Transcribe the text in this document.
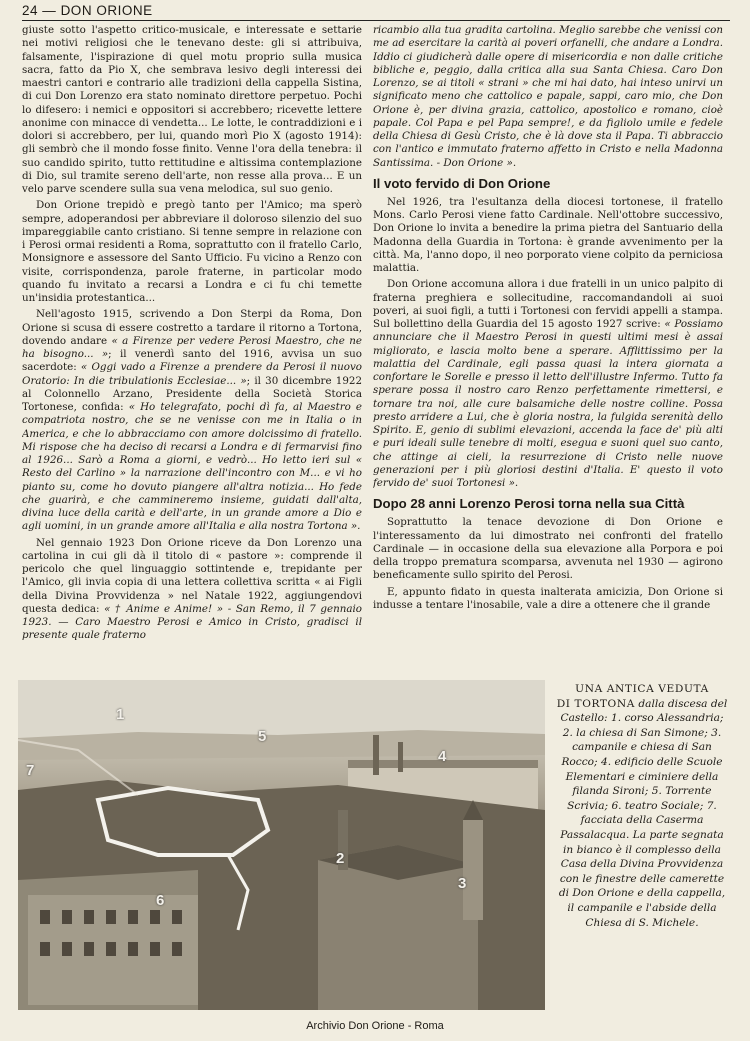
24 — DON ORIONE

giuste sotto l'aspetto critico-musicale, e interessate e settarie nei motivi religiosi che le tenevano deste: gli si attribuiva, falsamente, l'ispirazione di quel motu proprio sulla musica sacra, fatto da Pio X, che sembrava lesivo degli interessi dei maestri cantori e contrario alle tradizioni della cappella Sistina, di cui Don Lorenzo era stato nominato direttore perpetuo. Pochi lo difesero: i nemici e oppositori si accrebbero; ricevette lettere anonime con minacce di vendetta... Le lotte, le contraddizioni e i dolori si accrebbero, per lui, quando morì Pio X (agosto 1914): gli sembrò che il mondo fosse finito. Venne l'ora della tenebra: il suo candido spirito, tutto rettitudine e altissima contemplazione di Dio, sul tramite sereno dell'arte, non resse alla prova... E un velo parve scendere sulla sua vena melodica, sul suo genio.

Don Orione trepidò e pregò tanto per l'Amico; ma sperò sempre, adoperandosi per abbreviare il doloroso silenzio del suo impareggiabile canto cristiano. Si tenne sempre in relazione con i Perosi ormai residenti a Roma, soprattutto con il fratello Carlo, Monsignore e assessore del Santo Ufficio. Fu vicino a Renzo con visite, corrispondenza, parole fraterne, in particolar modo quando fu invitato a recarsi a Londra e ci fu chi temette un'insidia protestantica...

Nell'agosto 1915, scrivendo a Don Sterpi da Roma, Don Orione si scusa di essere costretto a tardare il ritorno a Tortona, dovendo andare « a Firenze per vedere Perosi Maestro, che ne ha bisogno... »; il venerdì santo del 1916, avvisa un suo sacerdote: « Oggi vado a Firenze a prendere da Perosi il nuovo Oratorio: In die tribulationis Ecclesiae... »; il 30 dicembre 1922 al Colonnello Arzano, Presidente della Società Storica Tortonese, confida: « Ho telegrafato, pochi dì fa, al Maestro e compatriota nostro, che se ne venisse con me in Italia o in America, e che lo abbracciamo con amore dolcissimo di fratello. Mi rispose che ha deciso di recarsi a Londra e di fermarvisi fino al 1926... Sarò a Roma a giorni, e vedrò... Ho letto ieri sul « Resto del Carlino » la narrazione dell'incontro con M... e vi ho pianto su, come ho dovuto piangere all'altra notizia... Ho fede che guarirà, e che cammineremo insieme, guidati dall'alta, divina luce della carità e dell'arte, in un grande amore a Dio e agli uomini, in un grande amore all'Italia e alla nostra Tortona ».

Nel gennaio 1923 Don Orione riceve da Don Lorenzo una cartolina in cui gli dà il titolo di « pastore »: comprende il pericolo che quel linguaggio sottintende e, trepidante per l'Amico, gli invia copia di una lettera collettiva scritta « ai Figli della Divina Provvidenza » nel Natale 1922, aggiungendovi questa dedica: « † Anime e Anime! » - San Remo, il 7 gennaio 1923. — Caro Maestro Perosi e Amico in Cristo, gradisci il presente quale fraterno

ricambio alla tua gradita cartolina. Meglio sarebbe che venissi con me ad esercitare la carità ai poveri orfanelli, che andare a Londra. Iddio ci giudicherà dalle opere di misericordia e non dalle critiche bibliche e, peggio, dalla critica alla sua Santa Chiesa. Caro Don Lorenzo, se ai titoli « strani » che mi hai dato, hai inteso unirvi un significato meno che cattolico e papale, sappi, caro mio, che Don Orione è, per divina grazia, cattolico, apostolico e romano, cioè papale. Col Papa e pel Papa sempre!, e da figliolo umile e fedele della Chiesa di Gesù Cristo, che è là dove sta il Papa. Ti abbraccio con l'antico e immutato fraterno affetto in Cristo e nella Madonna Santissima. - Don Orione ».

Il voto fervido di Don Orione

Nel 1926, tra l'esultanza della diocesi tortonese, il fratello Mons. Carlo Perosi viene fatto Cardinale. Nell'ottobre successivo, Don Orione lo invita a benedire la prima pietra del Santuario della Madonna della Guardia in Tortona: è grande avvenimento per la città. Ma, l'anno dopo, il neo porporato viene colpito da perniciosa malattia.

Don Orione accomuna allora i due fratelli in un unico palpito di fraterna preghiera e sollecitudine, raccomandandoli ai suoi poveri, ai suoi figli, a tutti i Tortonesi con fervidi appelli a stampa. Sul bollettino della Guardia del 15 agosto 1927 scrive: « Possiamo annunciare che il Maestro Perosi in questi ultimi mesi è assai migliorato, e lascia molto bene a sperare. Afflittissimo per la malattia del Cardinale, egli passa quasi la intera giornata a confortare le Sorelle e presso il letto dell'illustre Infermo. Tutto fa sperare possa il nostro caro Renzo perfettamente rimettersi, e tornare tra noi, alle cure balsamiche delle nostre colline. Possa presto arridere a Lui, che è gloria nostra, la fulgida serenità dello Spirito. E, genio di sublimi elevazioni, accenda la face de' più alti e puri ideali sulle tenebre di molti, esegua e suoni quel suo canto, che attinge ai cieli, la resurrezione di Cristo nelle nuove generazioni per i più gloriosi destini d'Italia. E' questo il voto fervido de' suoi Tortonesi ».

Dopo 28 anni Lorenzo Perosi torna nella sua Città

Soprattutto la tenace devozione di Don Orione e l'interessamento da lui dimostrato nei confronti del fratello Cardinale — in occasione della sua elevazione alla Porpora e poi della troppo prematura scomparsa, avvenuta nel 1930 — agirono beneficamente sullo spirito del Perosi.

E, appunto fidato in questa inalterata amicizia, Don Orione si indusse a tentare l'inosabile, vale a dire a ottenere che il grande

1
2
3
4
5
6
7
UNA ANTICA VEDUTA
DI TORTONA dalla discesa del Castello: 1. corso Alessandria; 2. la chiesa di San Simone; 3. campanile e chiesa di San Rocco; 4. edificio delle Scuole Elementari e ciminiere della filanda Sironi; 5. Torrente Scrivia; 6. teatro Sociale; 7. facciata della Caserma Passalacqua. La parte segnata in bianco è il complesso della Casa della Divina Provvidenza con le finestre delle camerette di Don Orione e della cappella, il campanile e l'abside della Chiesa di S. Michele.
Archivio Don Orione - Roma
